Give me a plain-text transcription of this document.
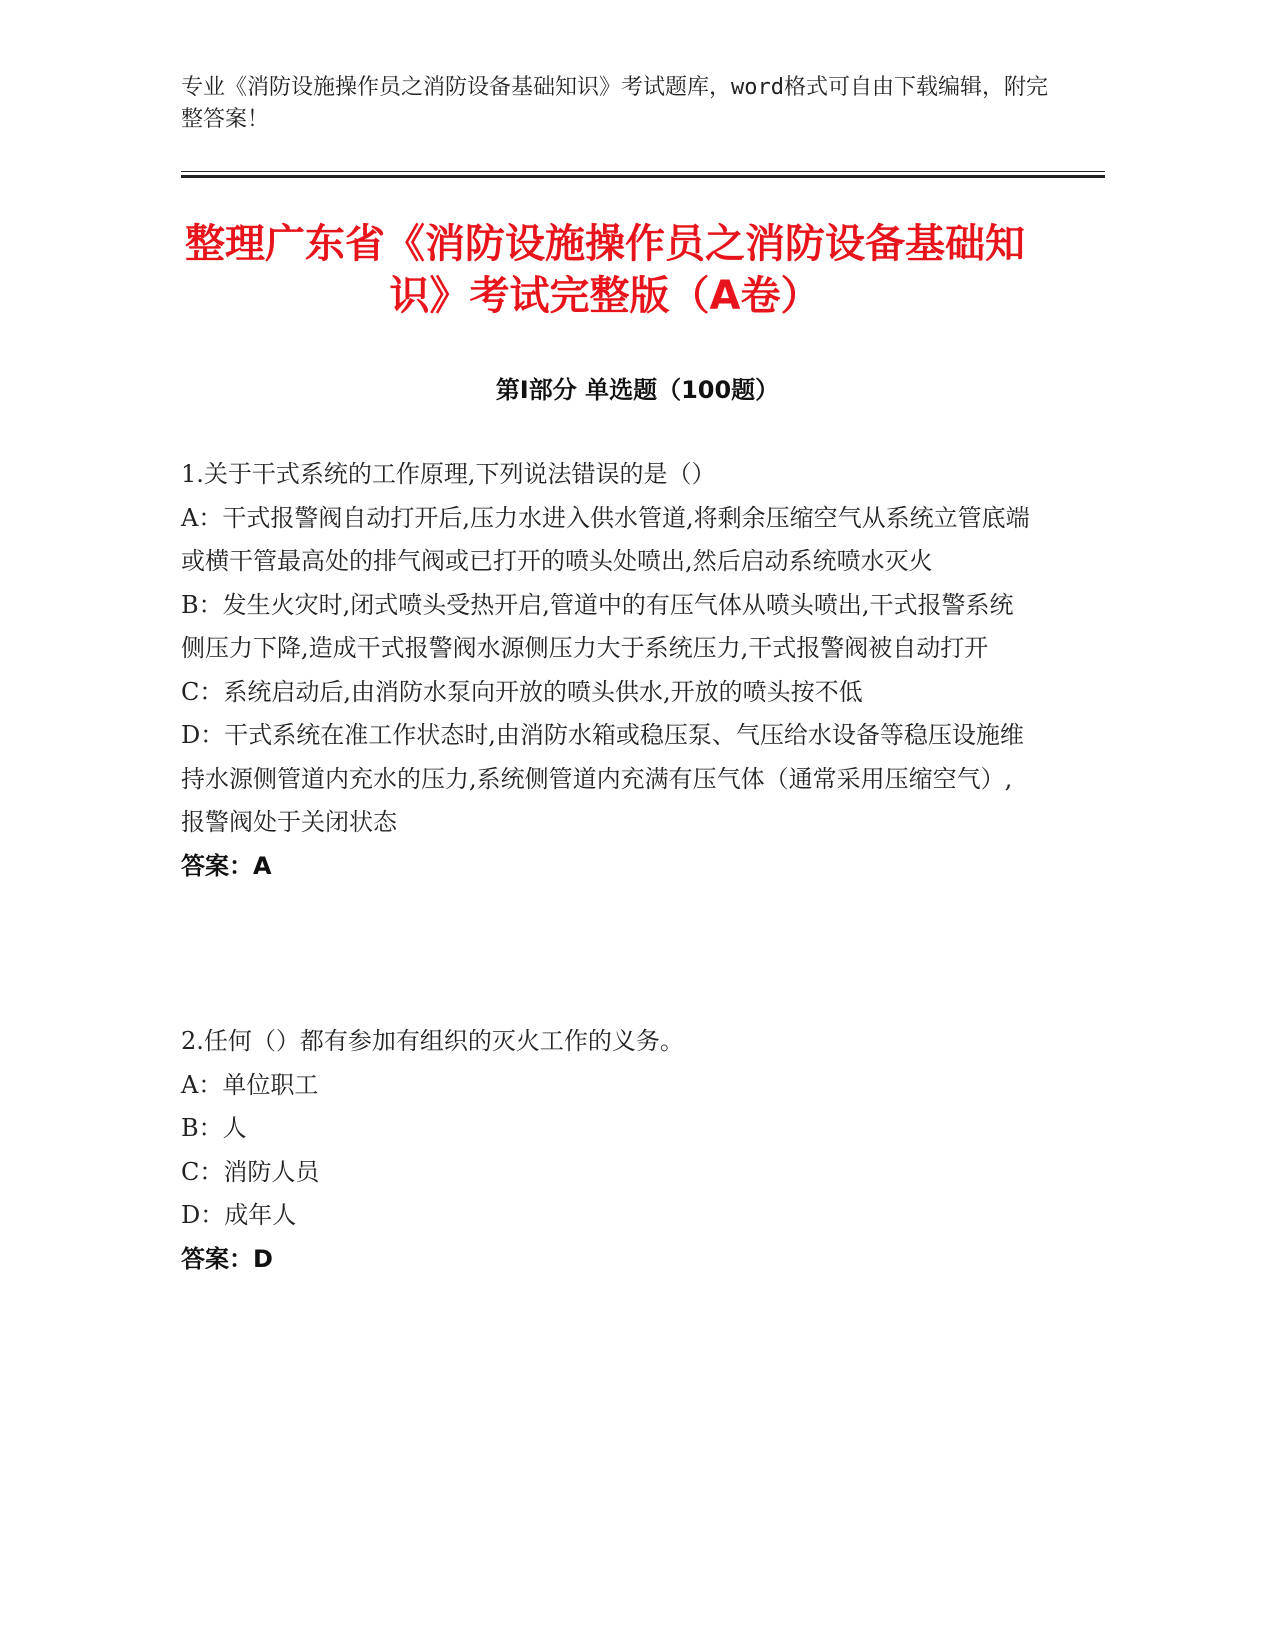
专业《消防设施操作员之消防设备基础知识》考试题库，word格式可自由下载编辑，附完整答案！
整理广东省《消防设施操作员之消防设备基础知识》考试完整版（A卷）
第Ⅰ部分 单选题（100题）

1.关于干式系统的工作原理,下列说法错误的是（）

A：干式报警阀自动打开后,压力水进入供水管道,将剩余压缩空气从系统立管底端或横干管最高处的排气阀或已打开的喷头处喷出,然后启动系统喷水灭火

B：发生火灾时,闭式喷头受热开启,管道中的有压气体从喷头喷出,干式报警系统侧压力下降,造成干式报警阀水源侧压力大于系统压力,干式报警阀被自动打开

C：系统启动后,由消防水泵向开放的喷头供水,开放的喷头按不低

D：干式系统在准工作状态时,由消防水箱或稳压泵、气压给水设备等稳压设施维持水源侧管道内充水的压力,系统侧管道内充满有压气体（通常采用压缩空气）,报警阀处于关闭状态

答案：A

2.任何（）都有参加有组织的灭火工作的义务。

A：单位职工

B：人

C：消防人员

D：成年人

答案：D
